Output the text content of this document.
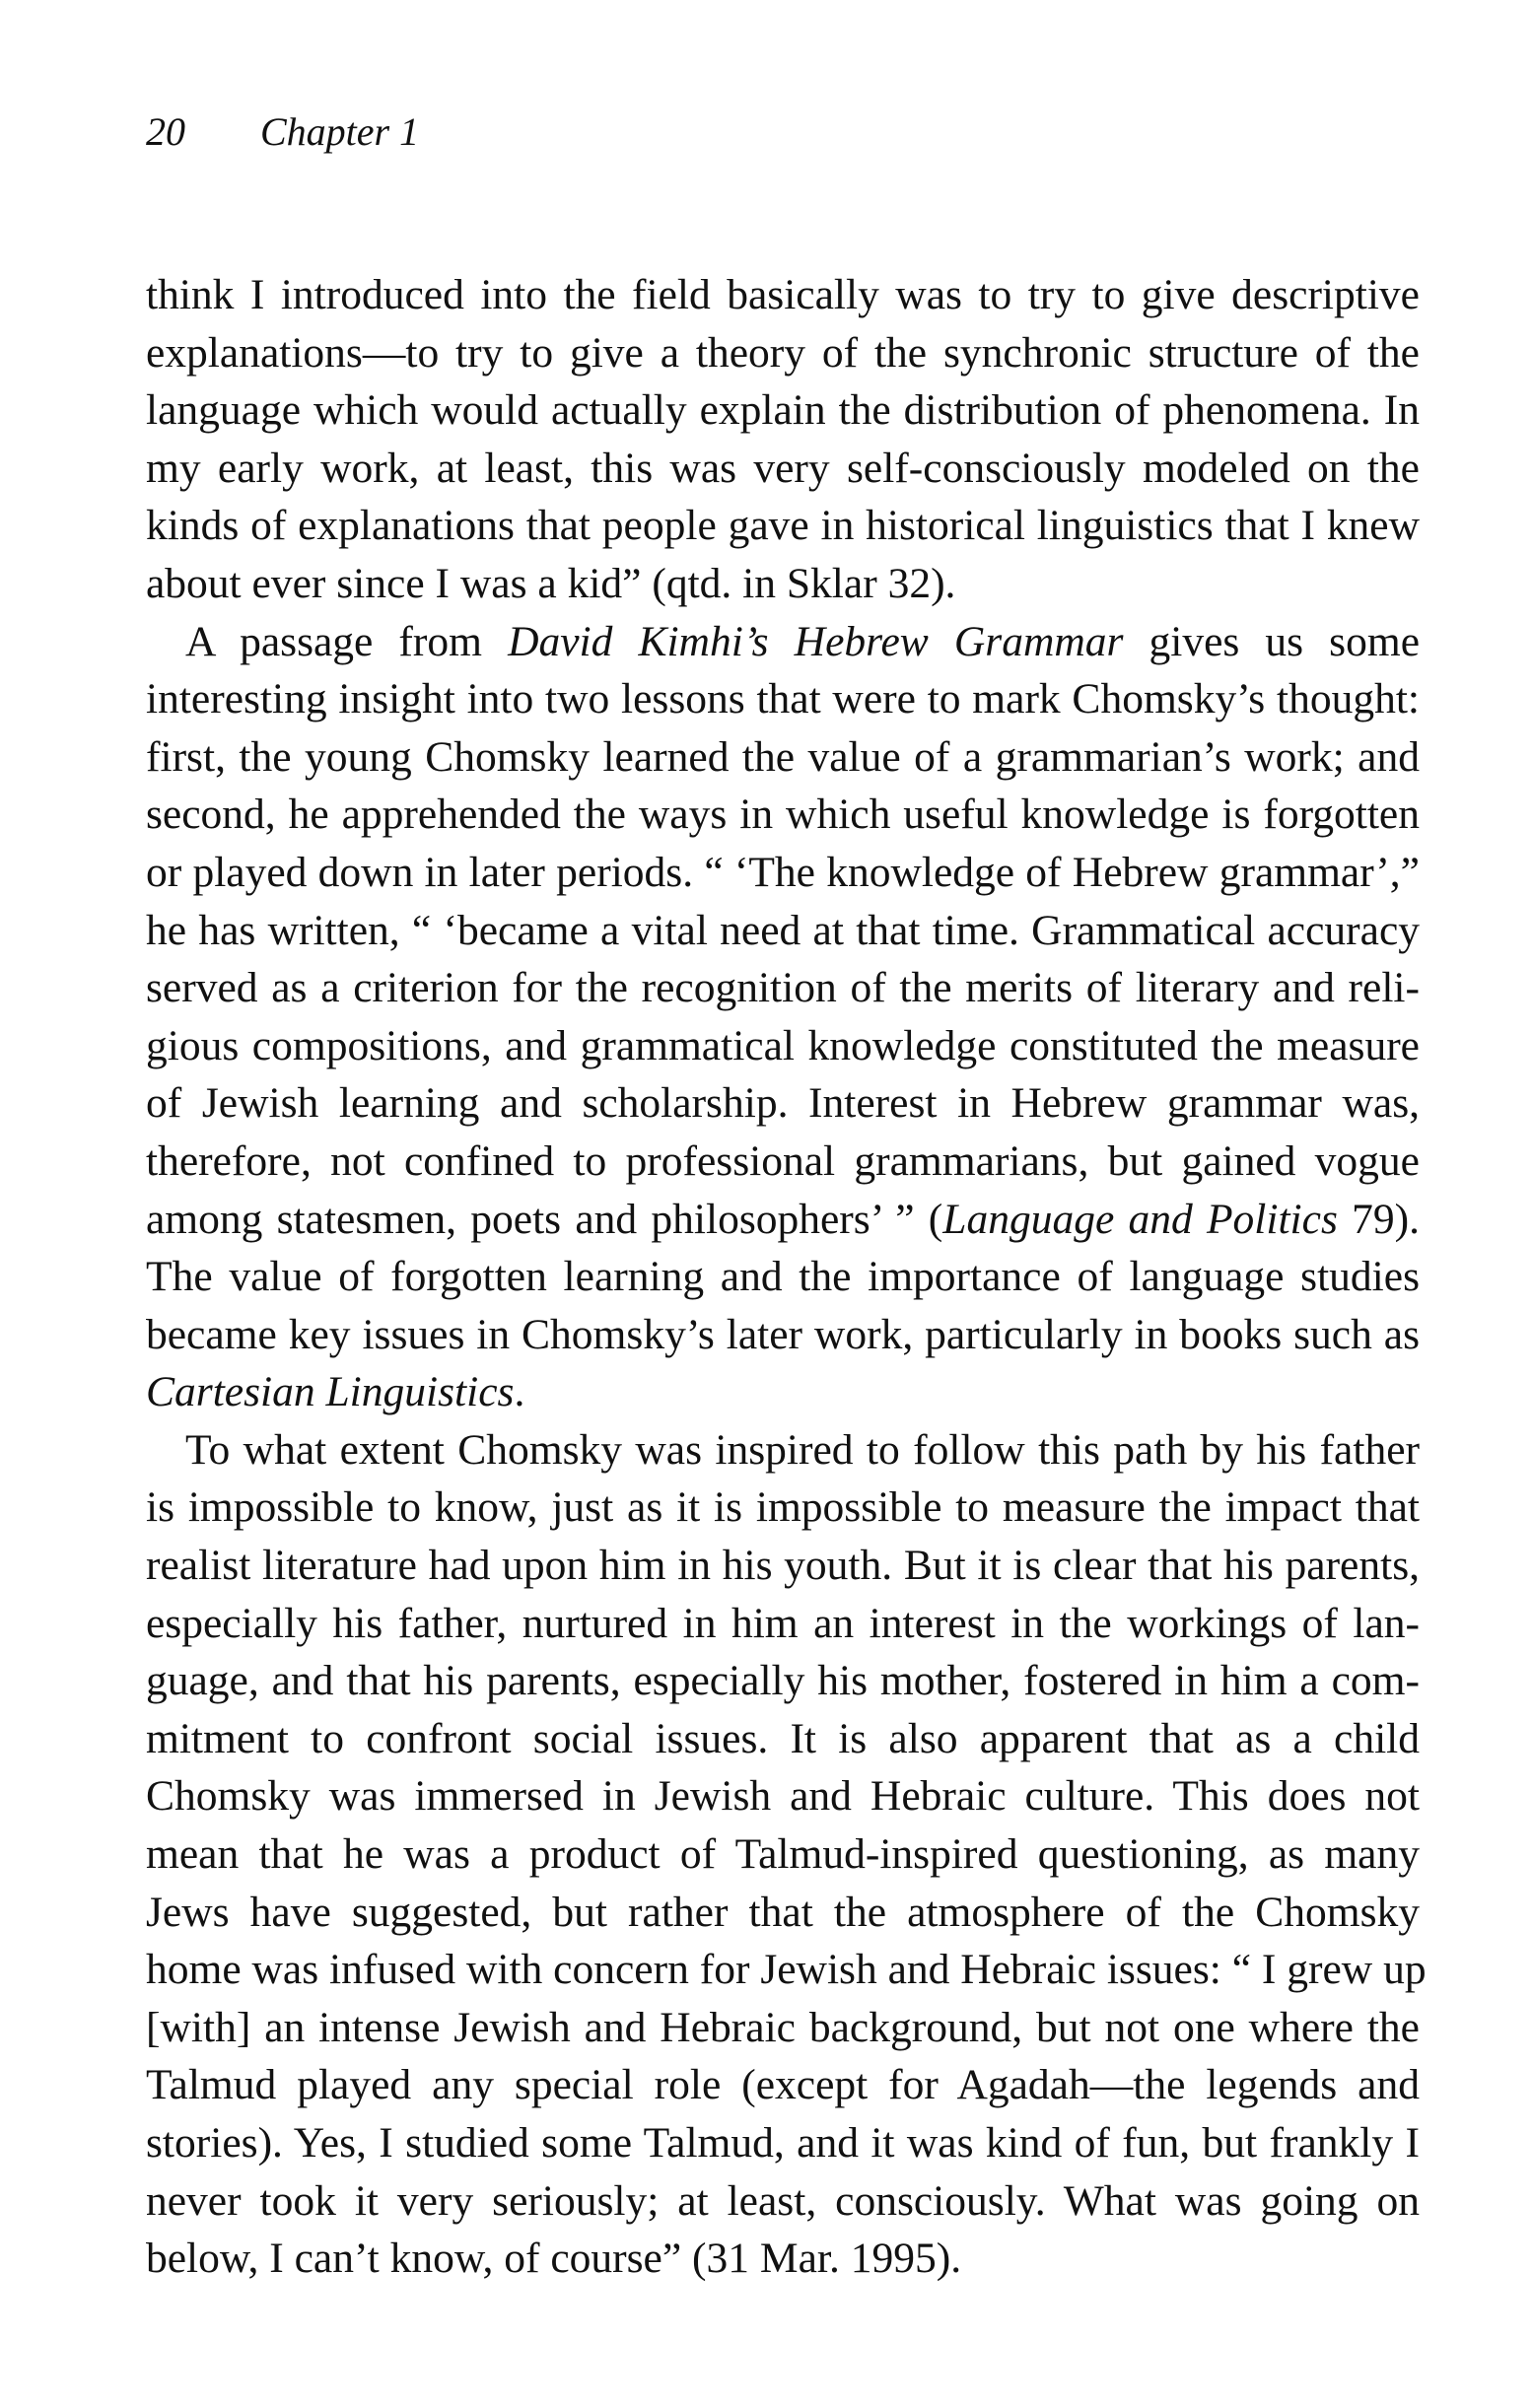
20 Chapter 1
think I introduced into the field basically was to try to give descriptive
explanations—to try to give a theory of the synchronic structure of the
language which would actually explain the distribution of phenomena. In
my early work, at least, this was very self-consciously modeled on the
kinds of explanations that people gave in historical linguistics that I knew
about ever since I was a kid” (qtd. in Sklar 32).
A passage from David Kimhi’s Hebrew Grammar gives us some
interesting insight into two lessons that were to mark Chomsky’s thought:
first, the young Chomsky learned the value of a grammarian’s work; and
second, he apprehended the ways in which useful knowledge is forgotten
or played down in later periods. “ ‘The knowledge of Hebrew grammar’,”
he has written, “ ‘became a vital need at that time. Grammatical accuracy
served as a criterion for the recognition of the merits of literary and reli-
gious compositions, and grammatical knowledge constituted the measure
of Jewish learning and scholarship. Interest in Hebrew grammar was,
therefore, not confined to professional grammarians, but gained vogue
among statesmen, poets and philosophers’ ” (Language and Politics 79).
The value of forgotten learning and the importance of language studies
became key issues in Chomsky’s later work, particularly in books such as
Cartesian Linguistics.
To what extent Chomsky was inspired to follow this path by his father
is impossible to know, just as it is impossible to measure the impact that
realist literature had upon him in his youth. But it is clear that his parents,
especially his father, nurtured in him an interest in the workings of lan-
guage, and that his parents, especially his mother, fostered in him a com-
mitment to confront social issues. It is also apparent that as a child
Chomsky was immersed in Jewish and Hebraic culture. This does not
mean that he was a product of Talmud-inspired questioning, as many
Jews have suggested, but rather that the atmosphere of the Chomsky
home was infused with concern for Jewish and Hebraic issues: “ I grew up
[with] an intense Jewish and Hebraic background, but not one where the
Talmud played any special role (except for Agadah—the legends and
stories). Yes, I studied some Talmud, and it was kind of fun, but frankly I
never took it very seriously; at least, consciously. What was going on
below, I can’t know, of course” (31 Mar. 1995).
